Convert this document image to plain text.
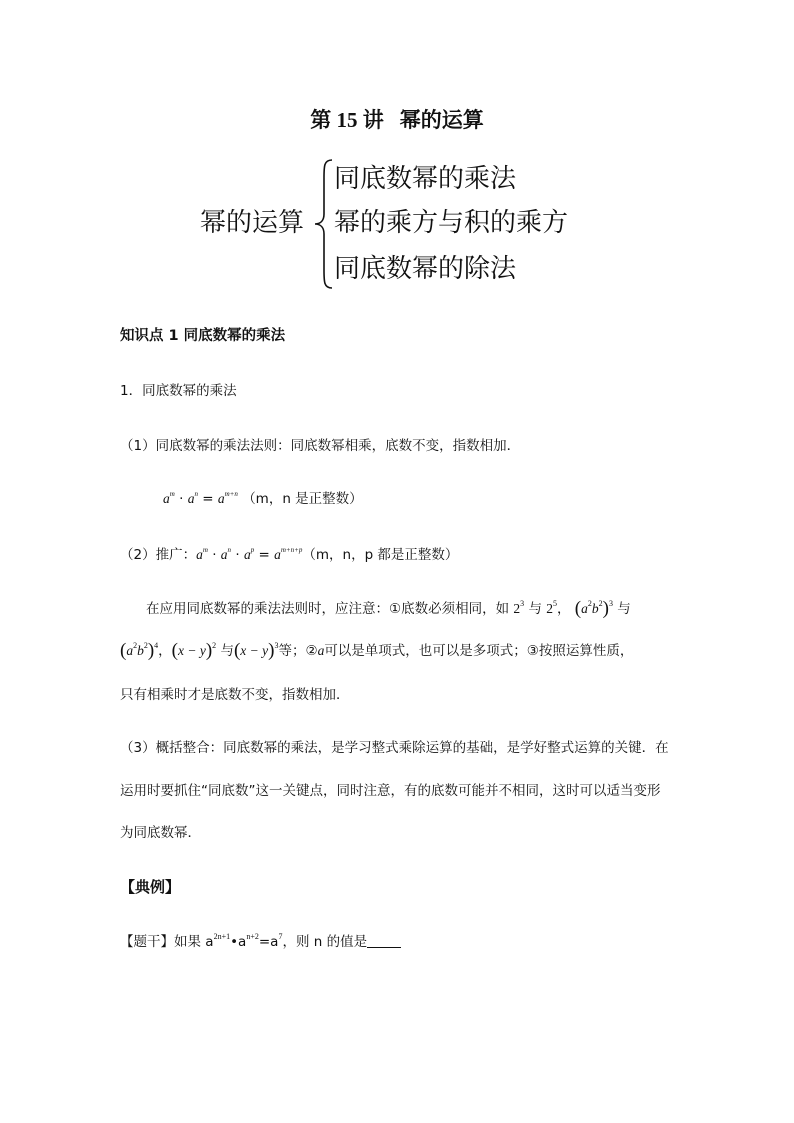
第 15 讲 幂的运算
幂的运算
同底数幂的乘法
幂的乘方与积的乘方
同底数幂的除法
知识点 1 同底数幂的乘法
1．同底数幂的乘法
（1）同底数幂的乘法法则：同底数幂相乘，底数不变，指数相加．
$a^m \cdot a^n = a^{m+n}$ （m，n 是正整数）
（2）推广：$a^m \cdot a^n \cdot a^p = a^{m+n+p}(m$，n，p 都是正整数）
在应用同底数幂的乘法法则时，应注意：①底数必须相同，如 $2^3$ 与 $2^5$， $(a^2b^2)^3$ 与
$(a^2b^2)^4$，$(x - y)^2$ 与$(x - y)^3$等；②a可以是单项式，也可以是多项式；③按照运算性质，
只有相乘时才是底数不变，指数相加．
（3）概括整合：同底数幂的乘法，是学习整式乘除运算的基础，是学好整式运算的关键．在
运用时要抓住“同底数”这一关键点，同时注意，有的底数可能并不相同，这时可以适当变形
为同底数幂．
【典例】
【题干】如果 $a^{2n+1}•a^{n+2}=a^7$，则 n 的值是
